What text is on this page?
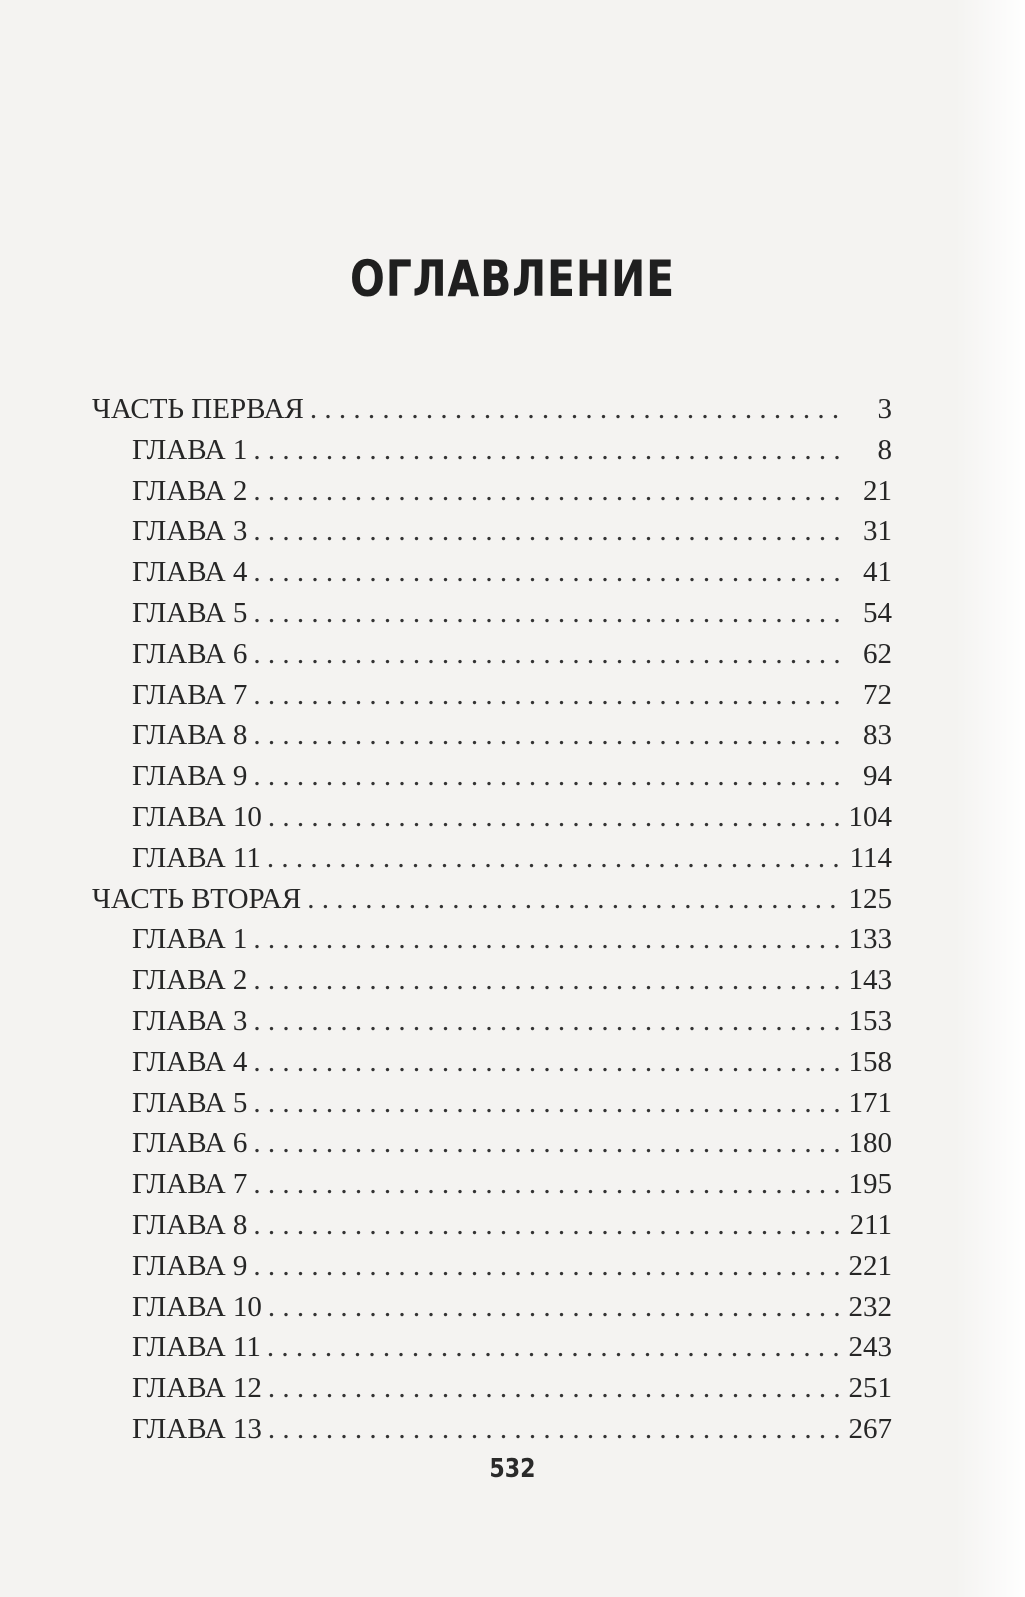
ОГЛАВЛЕНИЕ
ЧАСТЬ ПЕРВАЯ . . .	3
ГЛАВА 1 . . .	8
ГЛАВА 2 . . .	21
ГЛАВА 3 . . .	31
ГЛАВА 4 . . .	41
ГЛАВА 5 . . .	54
ГЛАВА 6 . . .	62
ГЛАВА 7 . . .	72
ГЛАВА 8 . . .	83
ГЛАВА 9 . . .	94
ГЛАВА 10 . . .	104
ГЛАВА 11 . . .	114
ЧАСТЬ ВТОРАЯ . . .	125
ГЛАВА 1 . . .	133
ГЛАВА 2 . . .	143
ГЛАВА 3 . . .	153
ГЛАВА 4 . . .	158
ГЛАВА 5 . . .	171
ГЛАВА 6 . . .	180
ГЛАВА 7 . . .	195
ГЛАВА 8 . . .	211
ГЛАВА 9 . . .	221
ГЛАВА 10 . . .	232
ГЛАВА 11 . . .	243
ГЛАВА 12 . . .	251
ГЛАВА 13 . . .	267
532
